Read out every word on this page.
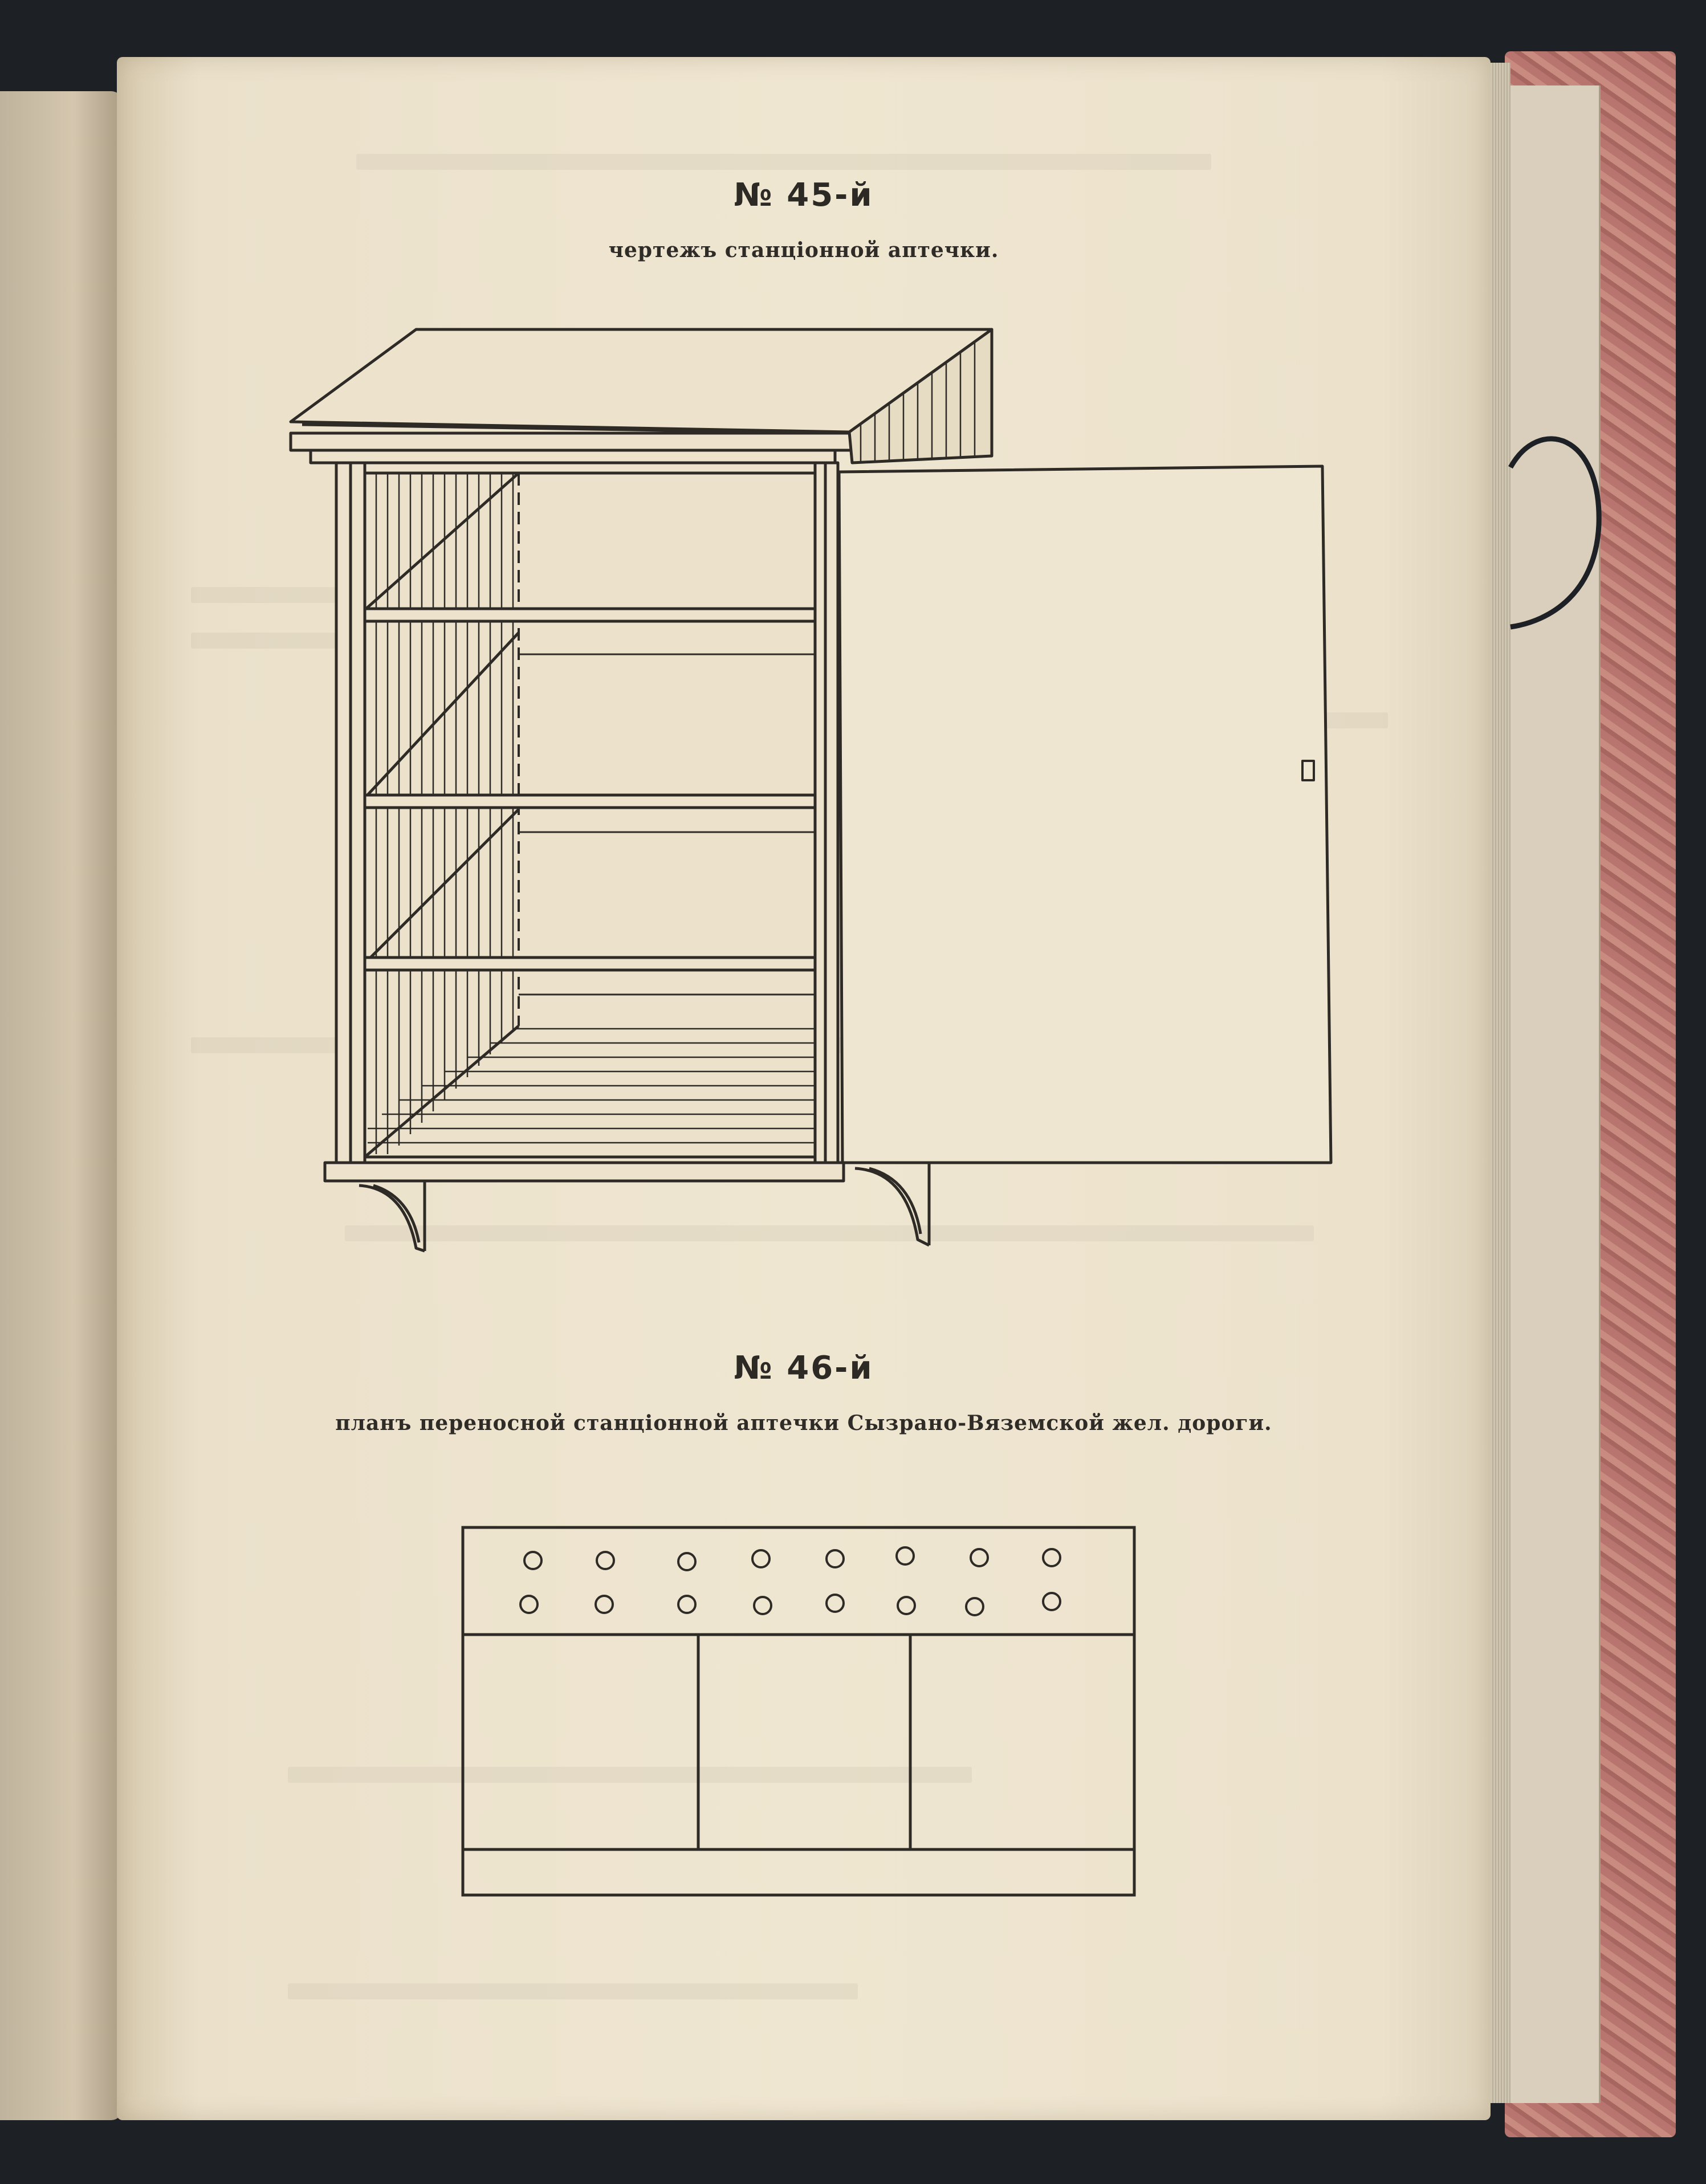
№ 45-й
чертежъ станціонной аптечки.
№ 46-й
планъ переносной станціонной аптечки Сызрано-Вяземской жел. дороги.
